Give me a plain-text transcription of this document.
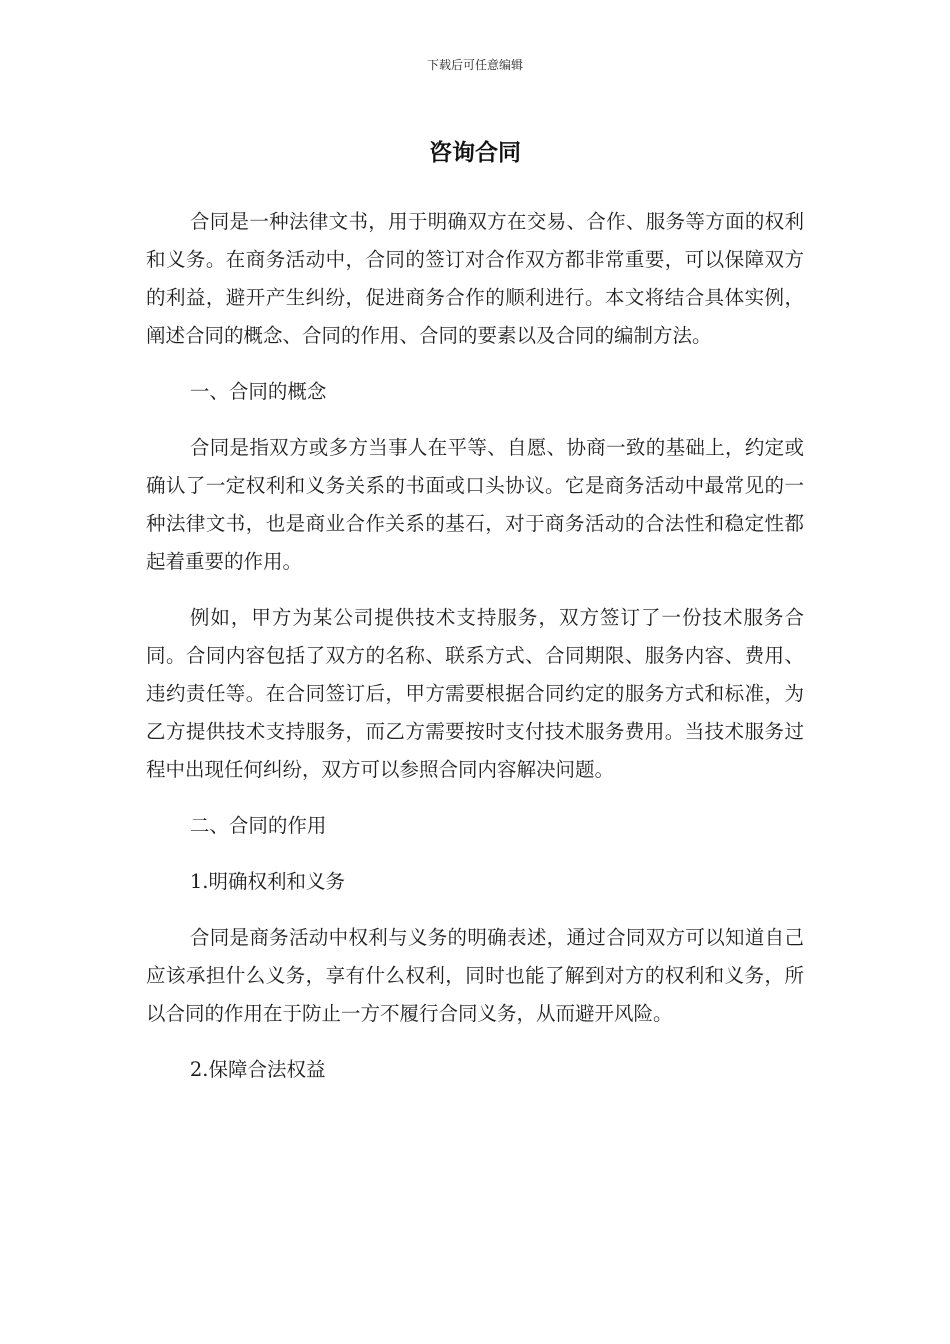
下载后可任意编辑
咨询合同

合同是一种法律文书，用于明确双方在交易、合作、服务等方面的权利和义务。在商务活动中，合同的签订对合作双方都非常重要，可以保障双方的利益，避开产生纠纷，促进商务合作的顺利进行。本文将结合具体实例，阐述合同的概念、合同的作用、合同的要素以及合同的编制方法。

一、合同的概念

合同是指双方或多方当事人在平等、自愿、协商一致的基础上，约定或确认了一定权利和义务关系的书面或口头协议。它是商务活动中最常见的一种法律文书，也是商业合作关系的基石，对于商务活动的合法性和稳定性都起着重要的作用。

例如，甲方为某公司提供技术支持服务，双方签订了一份技术服务合同。合同内容包括了双方的名称、联系方式、合同期限、服务内容、费用、违约责任等。在合同签订后，甲方需要根据合同约定的服务方式和标准，为乙方提供技术支持服务，而乙方需要按时支付技术服务费用。当技术服务过程中出现任何纠纷，双方可以参照合同内容解决问题。

二、合同的作用

1.明确权利和义务

合同是商务活动中权利与义务的明确表述，通过合同双方可以知道自己应该承担什么义务，享有什么权利，同时也能了解到对方的权利和义务，所以合同的作用在于防止一方不履行合同义务，从而避开风险。

2.保障合法权益
